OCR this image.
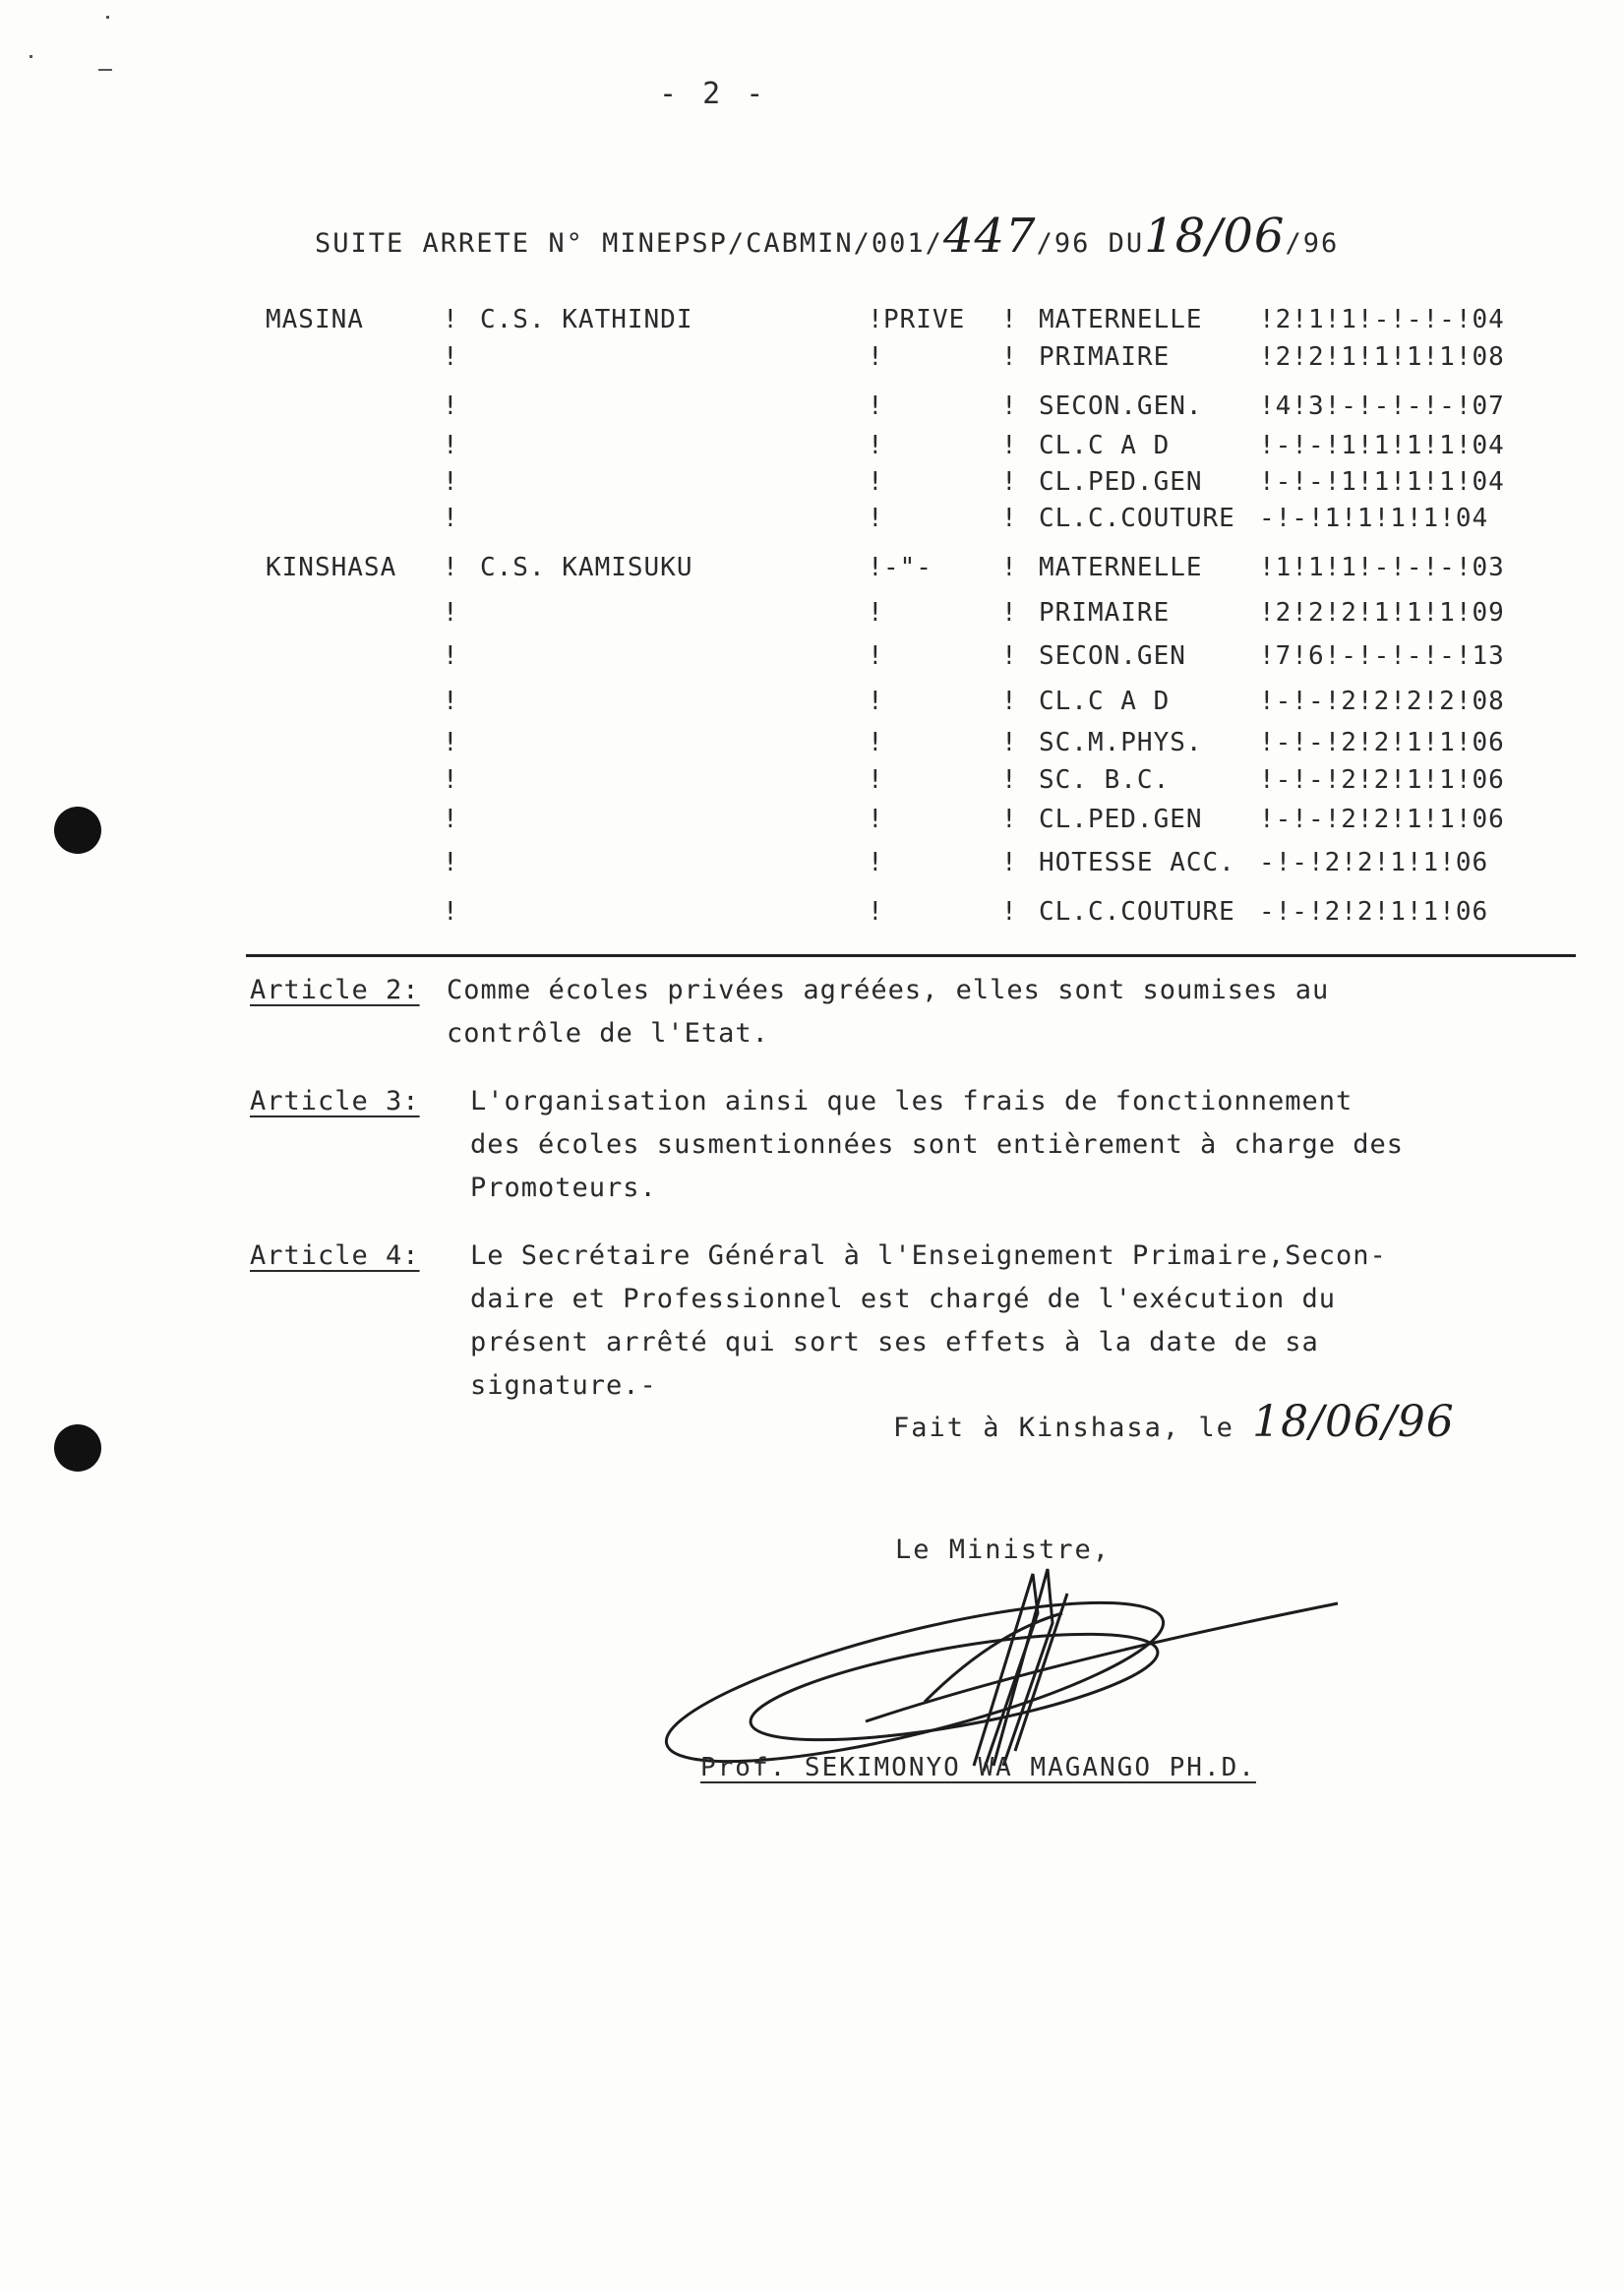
- 2 -
SUITE ARRETE N° MINEPSP/CABMIN/001/447/96 DU18/06/96
MASINA	! C.S. KATHINDI	! PRIVE ! MATERNELLE !2!1!1!-!-!-!04
!	!	! PRIMAIRE	!2!2!1!1!1!1!08
!	!	! SECON.GEN. !4!3!-!-!-!-!07
!	!	! CL.C A D	!-!-!1!1!1!1!04
!	!	! CL.PED.GEN !-!-!1!1!1!1!04
!	!	! CL.C.COUTURE -!-!1!1!1!1!04
KINSHASA ! C.S. KAMISUKU	! -"-	! MATERNELLE !1!1!1!-!-!-!03
!	!	! PRIMAIRE	!2!2!2!1!1!1!09
!	!	! SECON.GEN	!7!6!-!-!-!-!13
!	!	! CL.C A D	!-!-!2!2!2!2!08
!	!	! SC.M.PHYS. !-!-!2!2!1!1!06
!	!	! SC. B.C.	!-!-!2!2!1!1!06
!	!	! CL.PED.GEN !-!-!2!2!1!1!06
!	!	! HOTESSE ACC. -!-!2!2!1!1!06
!	!	! CL.C.COUTURE -!-!2!2!1!1!06
Article 2: Comme écoles privées agréées, elles sont soumises au
contrôle de l'Etat.
Article 3: L'organisation ainsi que les frais de fonctionnement
des écoles susmentionnées sont entièrement à charge des
Promoteurs.
Article 4: Le Secrétaire Général à l'Enseignement Primaire,Secon-
daire et Professionnel est chargé de l'exécution du
présent arrêté qui sort ses effets à la date de sa
signature.-
Fait à Kinshasa, le 18/06/96
Le Ministre,
Prof. SEKIMONYO WA MAGANGO PH.D.
